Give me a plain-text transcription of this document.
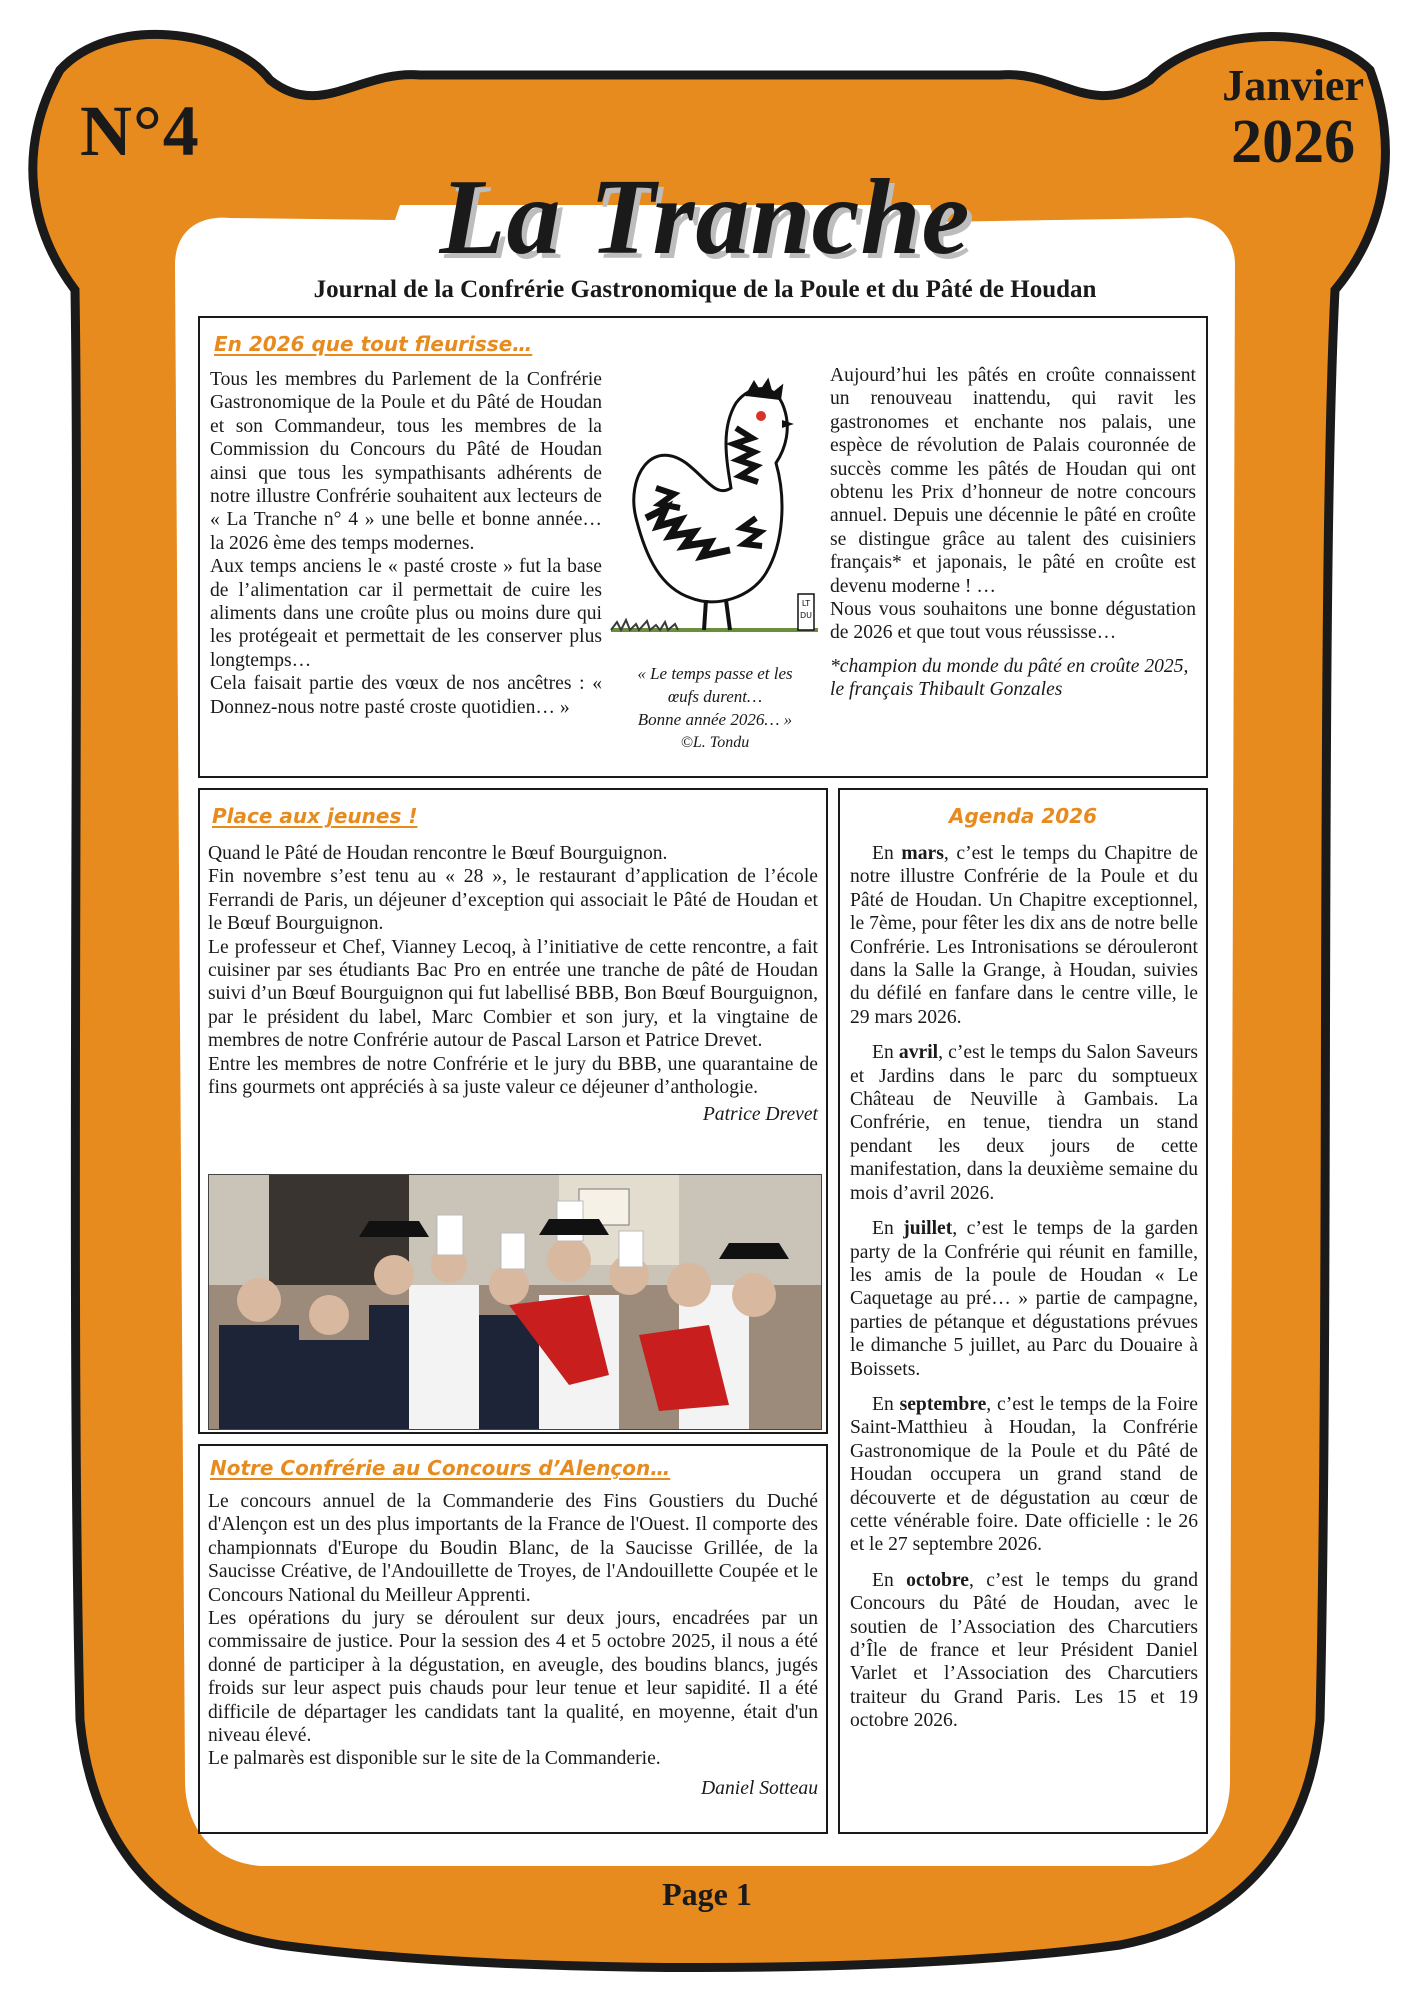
N°4
Janvier
2026
La Tranche
Journal de la Confrérie Gastronomique de la Poule et du Pâté de Houdan
En 2026 que tout fleurisse…

Tous les membres du Parlement de la Confrérie Gastronomique de la Poule et du Pâté de Houdan et son Commandeur, tous les membres de la Commission du Concours du Pâté de Houdan ainsi que tous les sympathisants adhérents de notre illustre Confrérie souhaitent aux lecteurs de « La Tranche n° 4 » une belle et bonne année… la 2026 ème des temps modernes.

Aux temps anciens le « pasté croste » fut la base de l’alimentation car il permettait de cuire les aliments dans une croûte plus ou moins dure qui les protégeait et permettait de les conserver plus longtemps…

Cela faisait partie des vœux de nos ancêtres : « Donnez-nous notre pasté croste quotidien… »

LT
DU
« Le temps passe et les
œufs durent…
Bonne année 2026… »
©L. Tondu

Aujourd’hui les pâtés en croûte connaissent un renouveau inattendu, qui ravit les gastronomes et enchante nos palais, une espèce de révolution de Palais couronnée de succès comme les pâtés de Houdan qui ont obtenu les Prix d’honneur de notre concours annuel. Depuis une décennie le pâté en croûte se distingue grâce au talent des cuisiniers français* et japonais, le pâté en croûte est devenu moderne ! …

Nous vous souhaitons une bonne dégustation de 2026 et que tout vous réussisse…

*champion du monde du pâté en croûte 2025, le français Thibault Gonzales

Place aux jeunes !

Quand le Pâté de Houdan rencontre le Bœuf Bourguignon.

Fin novembre s’est tenu au « 28 », le restaurant d’application de l’école Ferrandi de Paris, un déjeuner d’exception qui associait le Pâté de Houdan et le Bœuf Bourguignon.

Le professeur et Chef, Vianney Lecoq, à l’initiative de cette rencontre, a fait cuisiner par ses étudiants Bac Pro en entrée une tranche de pâté de Houdan suivi d’un Bœuf Bourguignon qui fut labellisé BBB, Bon Bœuf Bourguignon, par le président du label, Marc Combier et son jury, et la vingtaine de membres de notre Confrérie autour de Pascal Larson et Patrice Drevet.

Entre les membres de notre Confrérie et le jury du BBB, une quarantaine de fins gourmets ont appréciés à sa juste valeur ce déjeuner d’anthologie.

Patrice Drevet
Notre Confrérie au Concours d’Alençon…

Le concours annuel de la Commanderie des Fins Goustiers du Duché d'Alençon est un des plus importants de la France de l'Ouest. Il comporte des championnats d'Europe du Boudin Blanc, de la Saucisse Grillée, de la Saucisse Créative, de l'Andouillette de Troyes, de l'Andouillette Coupée et le Concours National du Meilleur Apprenti.

Les opérations du jury se déroulent sur deux jours, encadrées par un commissaire de justice. Pour la session des 4 et 5 octobre 2025, il nous a été donné de participer à la dégustation, en aveugle, des boudins blancs, jugés froids sur leur aspect puis chauds pour leur tenue et leur sapidité. Il a été difficile de départager les candidats tant la qualité, en moyenne, était d'un niveau élevé.

Le palmarès est disponible sur le site de la Commanderie.

Daniel Sotteau
Agenda 2026

En mars, c’est le temps du Chapitre de notre illustre Confrérie de la Poule et du Pâté de Houdan. Un Chapitre exceptionnel, le 7ème, pour fêter les dix ans de notre belle Confrérie. Les Intronisations se dérouleront dans la Salle la Grange, à Houdan, suivies du défilé en fanfare dans le centre ville, le 29 mars 2026.

En avril, c’est le temps du Salon Saveurs et Jardins dans le parc du somptueux Château de Neuville à Gambais. La Confrérie, en tenue, tiendra un stand pendant les deux jours de cette manifestation, dans la deuxième semaine du mois d’avril 2026.

En juillet, c’est le temps de la garden party de la Confrérie qui réunit en famille, les amis de la poule de Houdan « Le Caquetage au pré… » partie de campagne, parties de pétanque et dégustations prévues le dimanche 5 juillet, au Parc du Douaire à Boissets.

En septembre, c’est le temps de la Foire Saint-Matthieu à Houdan, la Confrérie Gastronomique de la Poule et du Pâté de Houdan occupera un grand stand de découverte et de dégustation au cœur de cette vénérable foire. Date officielle : le 26 et le 27 septembre 2026.

En octobre, c’est le temps du grand Concours du Pâté de Houdan, avec le soutien de l’Association des Charcutiers d’Île de france et leur Président Daniel Varlet et l’Association des Charcutiers traiteur du Grand Paris. Les 15 et 19 octobre 2026.

Page 1
